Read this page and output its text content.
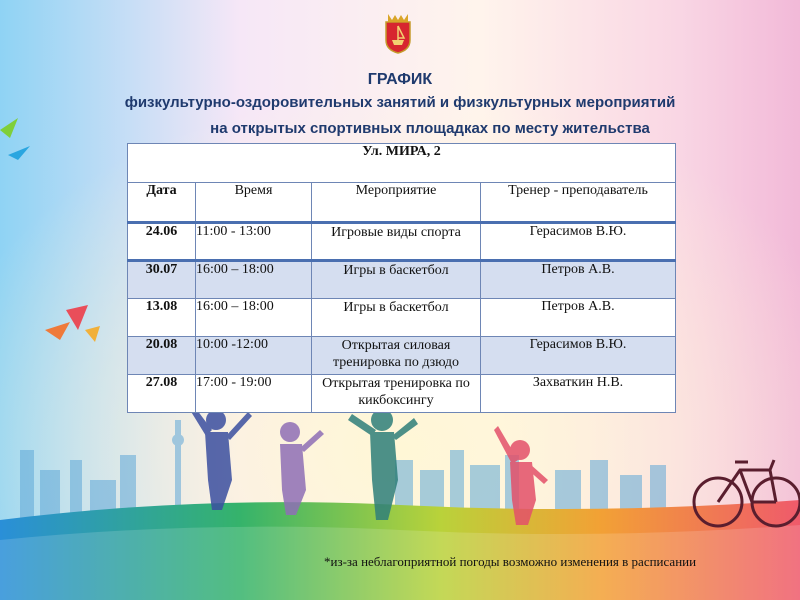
ГРАФИК
физкультурно-оздоровительных занятий и физкультурных мероприятий
на открытых спортивных площадках по месту жительства
Ул. МИРА, 2			
Дата	Время	Мероприятие	Тренер - преподаватель
24.06	11:00 - 13:00	Игровые виды спорта	Герасимов В.Ю.
30.07	16:00 – 18:00	Игры в баскетбол	Петров А.В.
13.08	16:00 – 18:00	Игры в баскетбол	Петров А.В.
20.08	10:00 -12:00	Открытая силовая тренировка по дзюдо	Герасимов В.Ю.
27.08	17:00 - 19:00	Открытая тренировка по кикбоксингу	Захваткин Н.В.
*из-за неблагоприятной погоды возможно изменения в расписании
